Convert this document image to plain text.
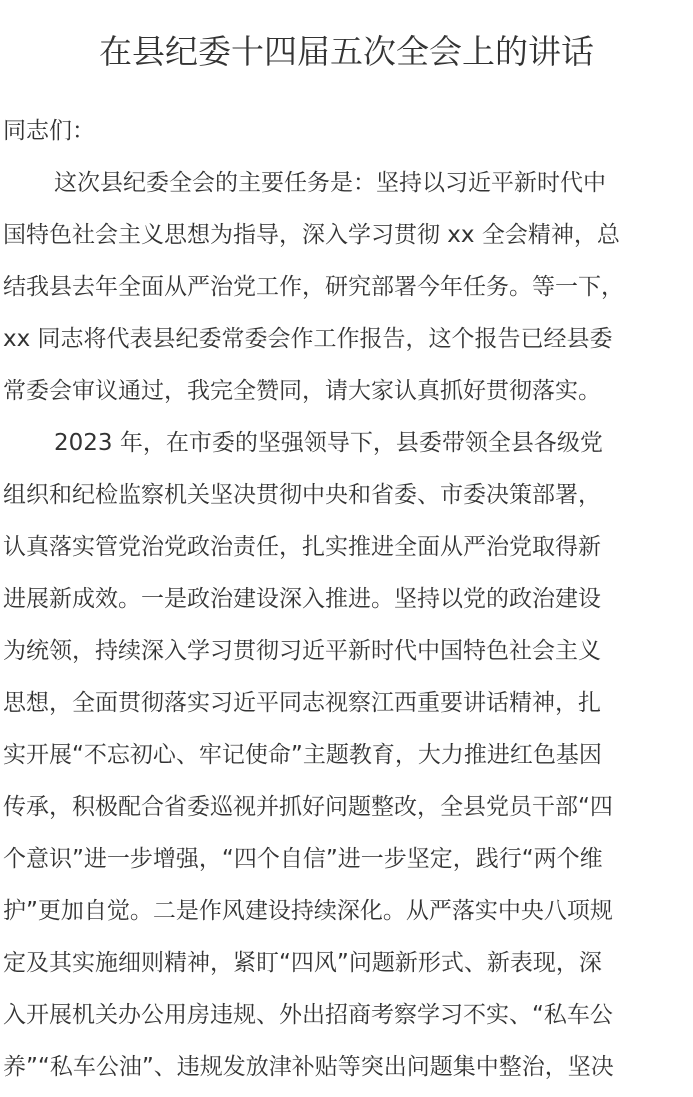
在县纪委十四届五次全会上的讲话
同志们：
这次县纪委全会的主要任务是：坚持以习近平新时代中
国特色社会主义思想为指导，深入学习贯彻 xx 全会精神，总
结我县去年全面从严治党工作，研究部署今年任务。等一下，
xx 同志将代表县纪委常委会作工作报告，这个报告已经县委
常委会审议通过，我完全赞同，请大家认真抓好贯彻落实。
2023 年，在市委的坚强领导下，县委带领全县各级党
组织和纪检监察机关坚决贯彻中央和省委、市委决策部署，
认真落实管党治党政治责任，扎实推进全面从严治党取得新
进展新成效。一是政治建设深入推进。坚持以党的政治建设
为统领，持续深入学习贯彻习近平新时代中国特色社会主义
思想，全面贯彻落实习近平同志视察江西重要讲话精神，扎
实开展“不忘初心、牢记使命”主题教育，大力推进红色基因
传承，积极配合省委巡视并抓好问题整改，全县党员干部“四
个意识”进一步增强，“四个自信”进一步坚定，践行“两个维
护”更加自觉。二是作风建设持续深化。从严落实中央八项规
定及其实施细则精神，紧盯“四风”问题新形式、新表现，深
入开展机关办公用房违规、外出招商考察学习不实、“私车公
养”“私车公油”、违规发放津补贴等突出问题集中整治，坚决
